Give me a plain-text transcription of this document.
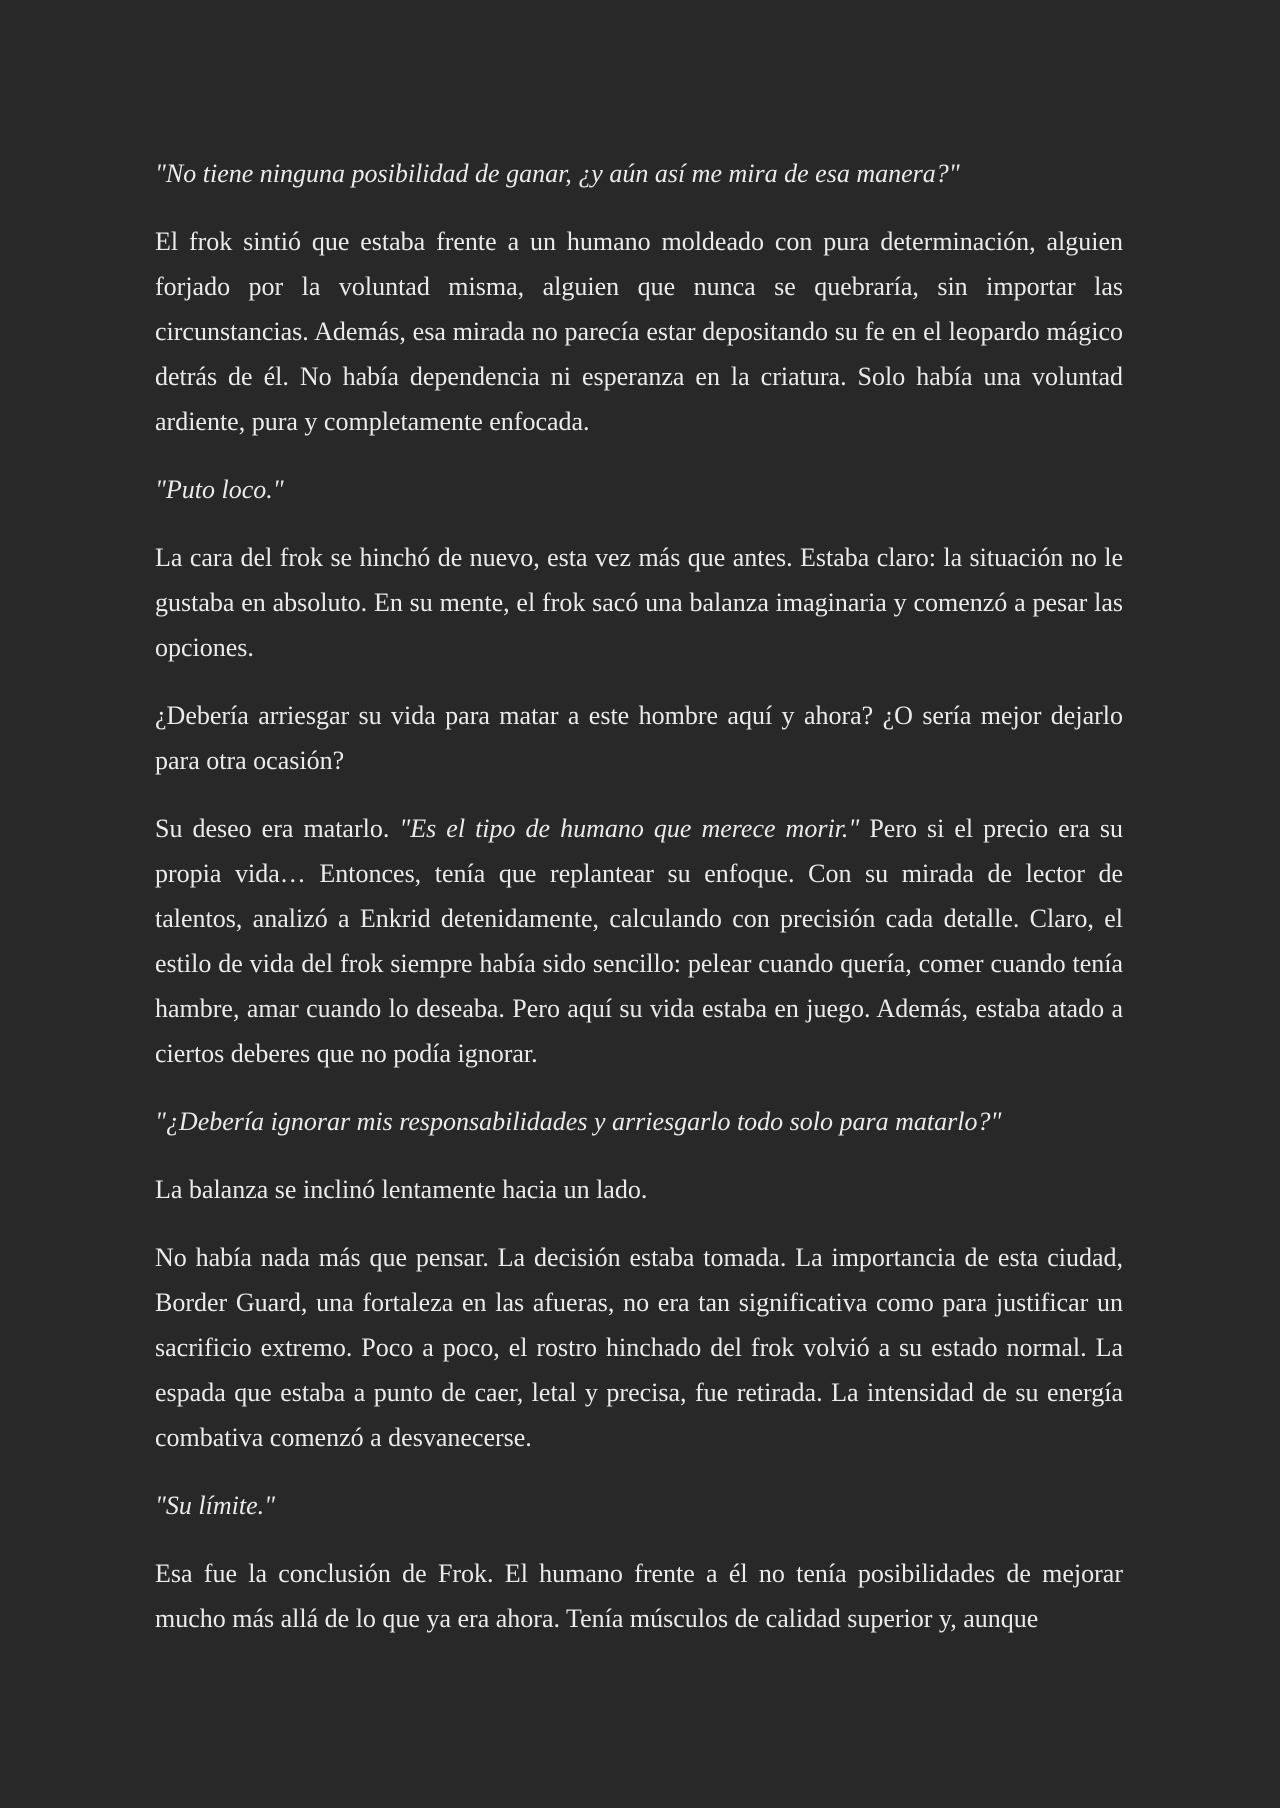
"No tiene ninguna posibilidad de ganar, ¿y aún así me mira de esa manera?"

El frok sintió que estaba frente a un humano moldeado con pura determinación, alguien forjado por la voluntad misma, alguien que nunca se quebraría, sin importar las circunstancias. Además, esa mirada no parecía estar depositando su fe en el leopardo mágico detrás de él. No había dependencia ni esperanza en la criatura. Solo había una voluntad ardiente, pura y completamente enfocada.

"Puto loco."

La cara del frok se hinchó de nuevo, esta vez más que antes. Estaba claro: la situación no le gustaba en absoluto. En su mente, el frok sacó una balanza imaginaria y comenzó a pesar las opciones.

¿Debería arriesgar su vida para matar a este hombre aquí y ahora? ¿O sería mejor dejarlo para otra ocasión?

Su deseo era matarlo. "Es el tipo de humano que merece morir." Pero si el precio era su propia vida… Entonces, tenía que replantear su enfoque. Con su mirada de lector de talentos, analizó a Enkrid detenidamente, calculando con precisión cada detalle. Claro, el estilo de vida del frok siempre había sido sencillo: pelear cuando quería, comer cuando tenía hambre, amar cuando lo deseaba. Pero aquí su vida estaba en juego. Además, estaba atado a ciertos deberes que no podía ignorar.

"¿Debería ignorar mis responsabilidades y arriesgarlo todo solo para matarlo?"

La balanza se inclinó lentamente hacia un lado.

No había nada más que pensar. La decisión estaba tomada. La importancia de esta ciudad, Border Guard, una fortaleza en las afueras, no era tan significativa como para justificar un sacrificio extremo. Poco a poco, el rostro hinchado del frok volvió a su estado normal. La espada que estaba a punto de caer, letal y precisa, fue retirada. La intensidad de su energía combativa comenzó a desvanecerse.

"Su límite."

Esa fue la conclusión de Frok. El humano frente a él no tenía posibilidades de mejorar mucho más allá de lo que ya era ahora. Tenía músculos de calidad superior y, aunque
